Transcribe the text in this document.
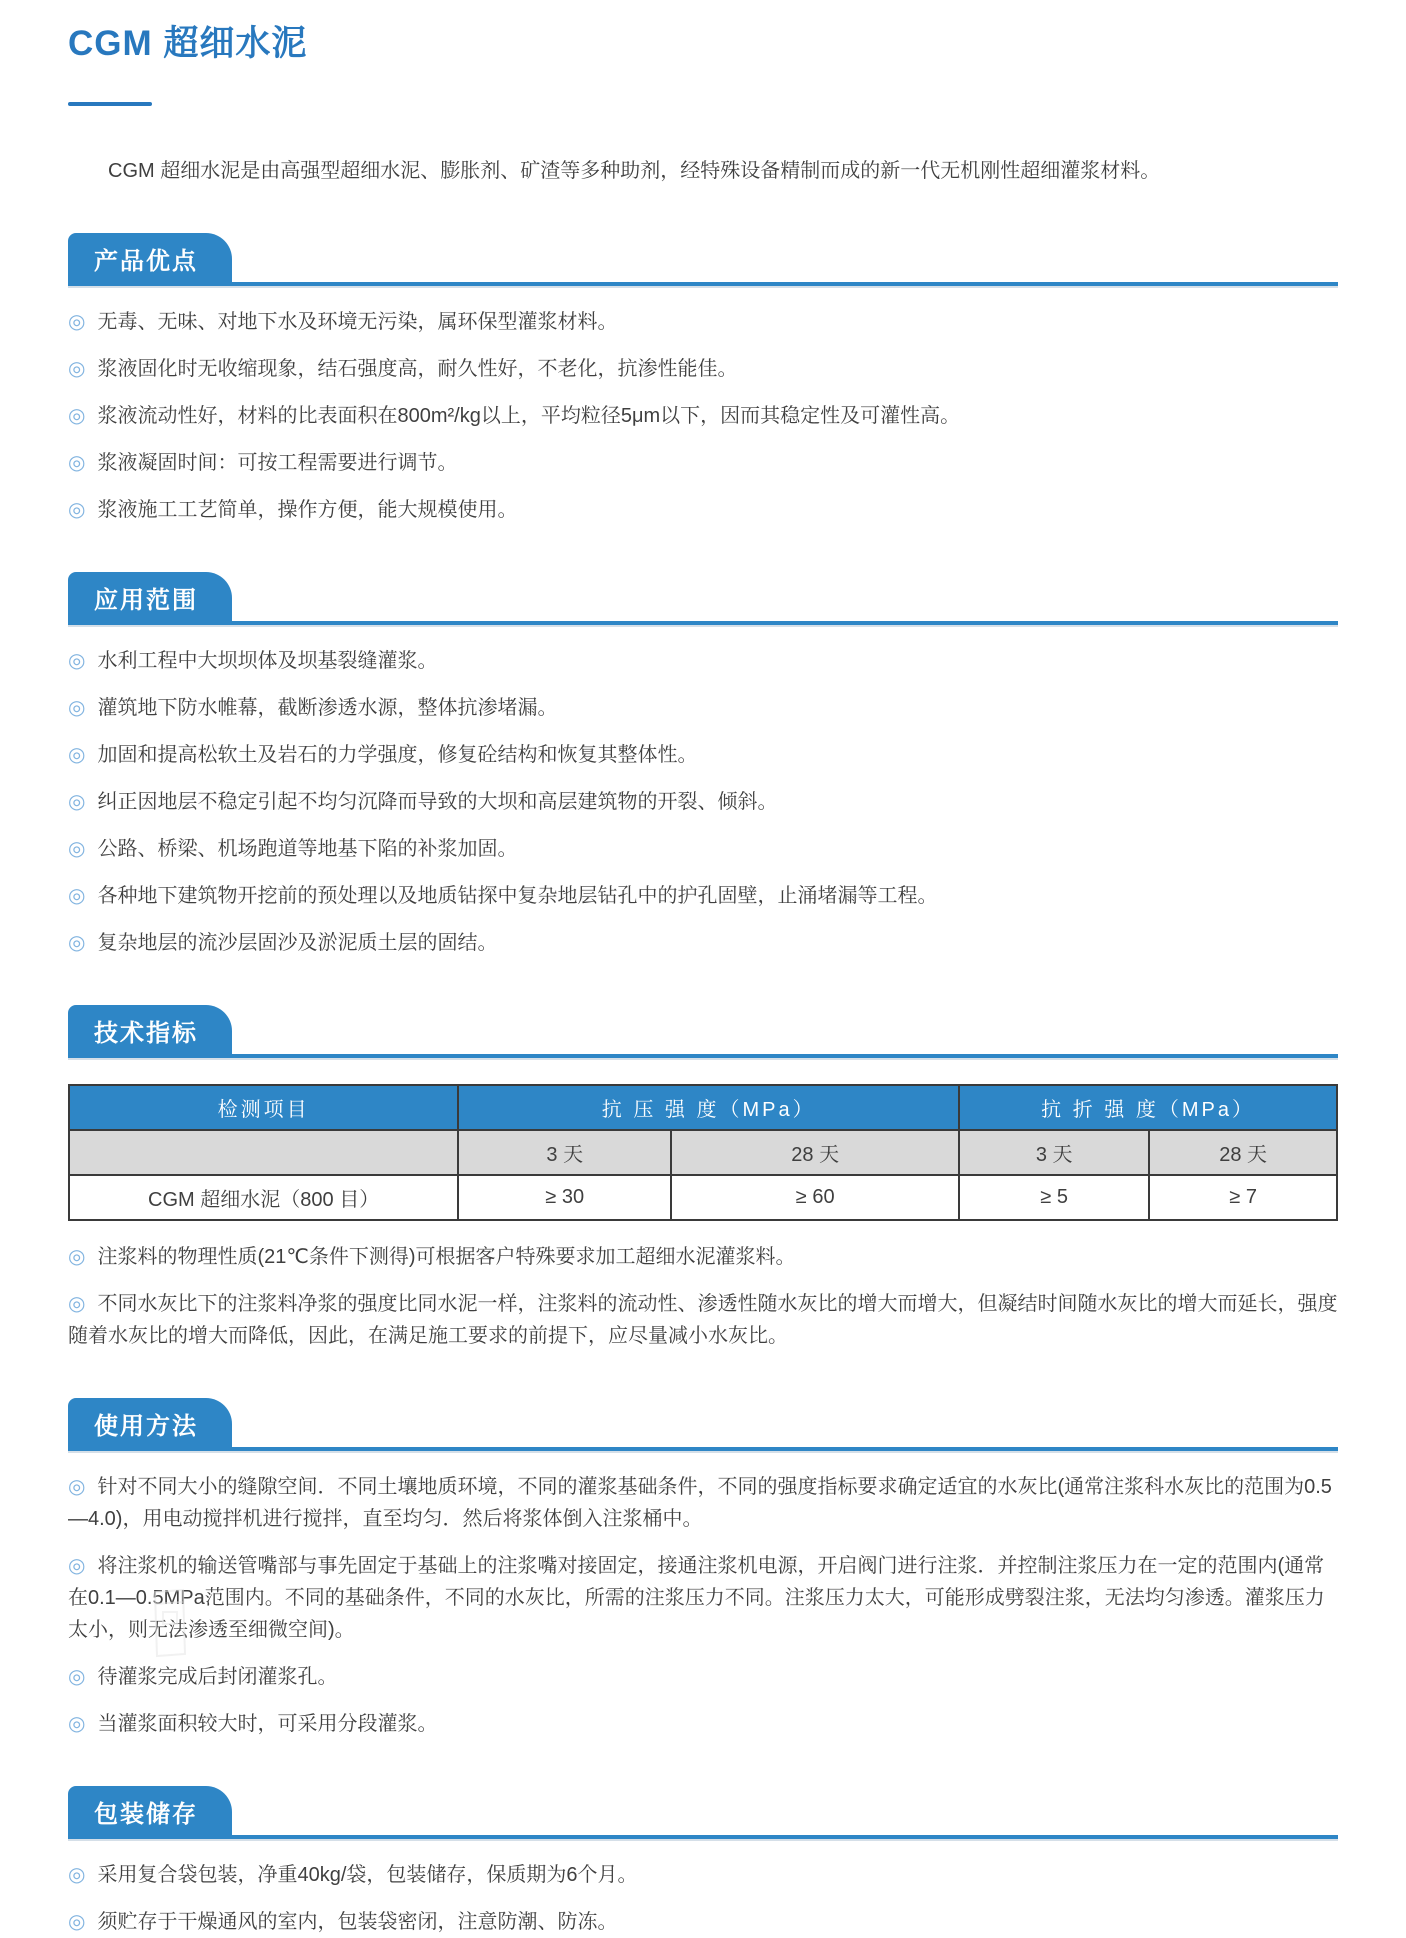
CGM 超细水泥

CGM 超细水泥是由高强型超细水泥、膨胀剂、矿渣等多种助剂，经特殊设备精制而成的新一代无机刚性超细灌浆材料。

产品优点
◎ 无毒、无味、对地下水及环境无污染，属环保型灌浆材料。
◎ 浆液固化时无收缩现象，结石强度高，耐久性好，不老化，抗渗性能佳。
◎ 浆液流动性好，材料的比表面积在800m²/kg以上，平均粒径5μm以下，因而其稳定性及可灌性高。
◎ 浆液凝固时间：可按工程需要进行调节。
◎ 浆液施工工艺简单，操作方便，能大规模使用。
应用范围
◎ 水利工程中大坝坝体及坝基裂缝灌浆。
◎ 灌筑地下防水帷幕，截断渗透水源，整体抗渗堵漏。
◎ 加固和提高松软土及岩石的力学强度，修复砼结构和恢复其整体性。
◎ 纠正因地层不稳定引起不均匀沉降而导致的大坝和高层建筑物的开裂、倾斜。
◎ 公路、桥梁、机场跑道等地基下陷的补浆加固。
◎ 各种地下建筑物开挖前的预处理以及地质钻探中复杂地层钻孔中的护孔固壁，止涌堵漏等工程。
◎ 复杂地层的流沙层固沙及淤泥质土层的固结。
技术指标
检测项目	抗 压 强 度（MPa）		抗 折 强 度（MPa）	
	3 天	28 天	3 天	28 天
CGM 超细水泥（800 目）	≥ 30	≥ 60	≥ 5	≥ 7
◎ 注浆料的物理性质(21℃条件下测得)可根据客户特殊要求加工超细水泥灌浆料。
◎ 不同水灰比下的注浆料净浆的强度比同水泥一样，注浆料的流动性、渗透性随水灰比的增大而增大，但凝结时间随水灰比的增大而延长，强度随着水灰比的增大而降低，因此，在满足施工要求的前提下，应尽量减小水灰比。
使用方法
◎ 针对不同大小的缝隙空间．不同土壤地质环境，不同的灌浆基础条件，不同的强度指标要求确定适宜的水灰比(通常注浆科水灰比的范围为0.5—4.0)，用电动搅拌机进行搅拌，直至均匀．然后将浆体倒入注浆桶中。
◎ 将注浆机的输送管嘴部与事先固定于基础上的注浆嘴对接固定，接通注浆机电源，开启阀门进行注浆．并控制注浆压力在一定的范围内(通常在0.1—0.5MPa范围内。不同的基础条件，不同的水灰比，所需的注浆压力不同。注浆压力太大，可能形成劈裂注浆，无法均匀渗透。灌浆压力太小，则无法渗透至细微空间)。
◎ 待灌浆完成后封闭灌浆孔。
◎ 当灌浆面积较大时，可采用分段灌浆。
包装储存
◎ 采用复合袋包装，净重40kg/袋，包装储存，保质期为6个月。
◎ 须贮存于干燥通风的室内，包装袋密闭，注意防潮、防冻。
